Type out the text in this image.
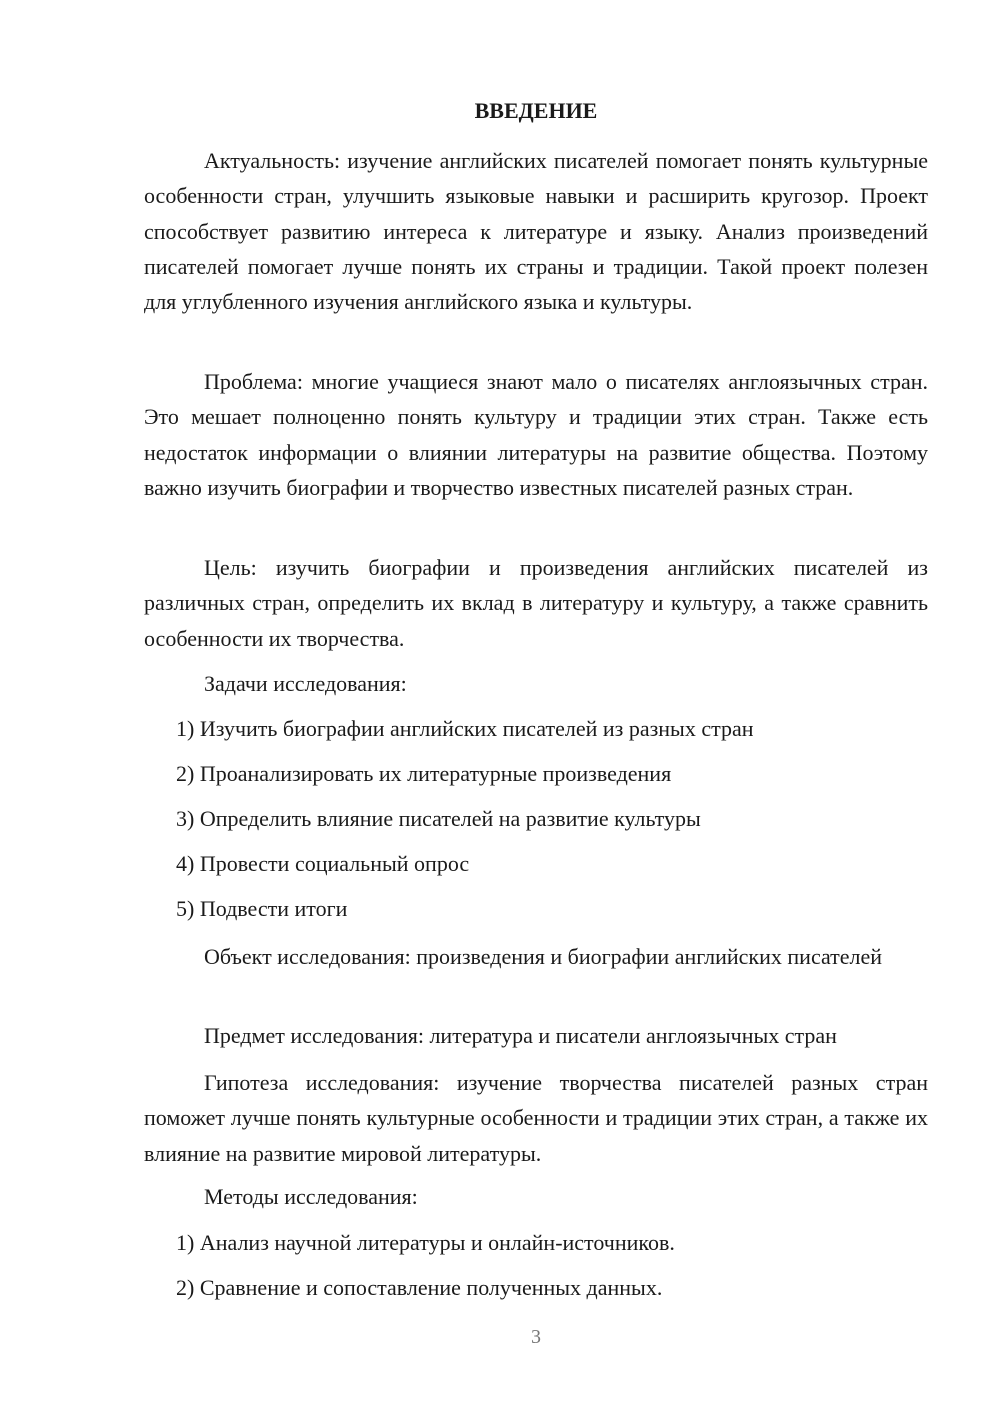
ВВЕДЕНИЕ

Актуальность: изучение английских писателей помогает понять культурные особенности стран, улучшить языковые навыки и расширить кругозор. Проект способствует развитию интереса к литературе и языку. Анализ произведений писателей помогает лучше понять их страны и традиции. Такой проект полезен для углубленного изучения английского языка и культуры.

Проблема: многие учащиеся знают мало о писателях англоязычных стран. Это мешает полноценно понять культуру и традиции этих стран. Также есть недостаток информации о влиянии литературы на развитие общества. Поэтому важно изучить биографии и творчество известных писателей разных стран.

Цель: изучить биографии и произведения английских писателей из различных стран, определить их вклад в литературу и культуру, а также сравнить особенности их творчества.

Задачи исследования:

1) Изучить биографии английских писателей из разных стран

2) Проанализировать их литературные произведения

3) Определить влияние писателей на развитие культуры

4) Провести социальный опрос

5) Подвести итоги

Объект исследования: произведения и биографии английских писателей

Предмет исследования: литература и писатели англоязычных стран

Гипотеза исследования: изучение творчества писателей разных стран поможет лучше понять культурные особенности и традиции этих стран, а также их влияние на развитие мировой литературы.

Методы исследования:

1) Анализ научной литературы и онлайн-источников.

2) Сравнение и сопоставление полученных данных.

3
